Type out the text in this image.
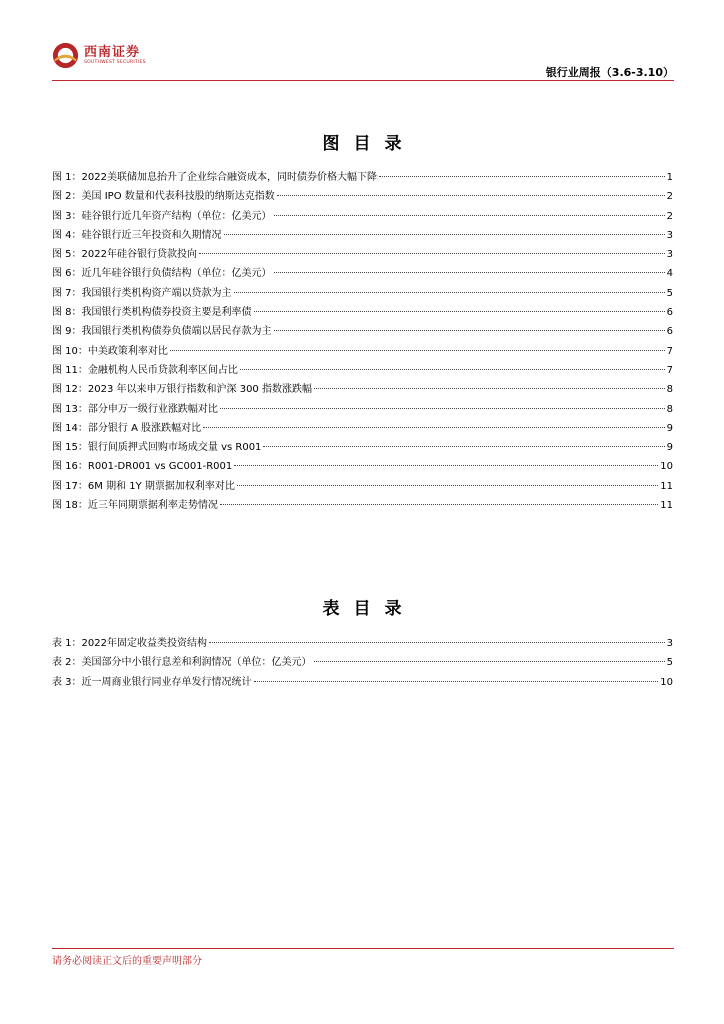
西南证券
SOUTHWEST SECURITIES
银行业周报（3.6-3.10）
图目录
图 1：2022美联储加息抬升了企业综合融资成本，同时债券价格大幅下降	1
图 2：美国 IPO 数量和代表科技股的纳斯达克指数	2
图 3：硅谷银行近几年资产结构（单位：亿美元）	2
图 4：硅谷银行近三年投资和久期情况	3
图 5：2022年硅谷银行贷款投向	3
图 6：近几年硅谷银行负债结构（单位：亿美元）	4
图 7：我国银行类机构资产端以贷款为主	5
图 8：我国银行类机构债券投资主要是利率债	6
图 9：我国银行类机构债券负债端以居民存款为主	6
图 10：中美政策利率对比	7
图 11：金融机构人民币贷款利率区间占比	7
图 12：2023 年以来申万银行指数和沪深 300 指数涨跌幅	8
图 13：部分申万一级行业涨跌幅对比	8
图 14：部分银行 A 股涨跌幅对比	9
图 15：银行间质押式回购市场成交量 vs R001	9
图 16：R001-DR001 vs GC001-R001	10
图 17：6M 期和 1Y 期票据加权利率对比	11
图 18：近三年同期票据利率走势情况	11
表目录
表 1：2022年固定收益类投资结构	3
表 2：美国部分中小银行息差和利润情况（单位：亿美元）	5
表 3：近一周商业银行同业存单发行情况统计	10
请务必阅读正文后的重要声明部分
